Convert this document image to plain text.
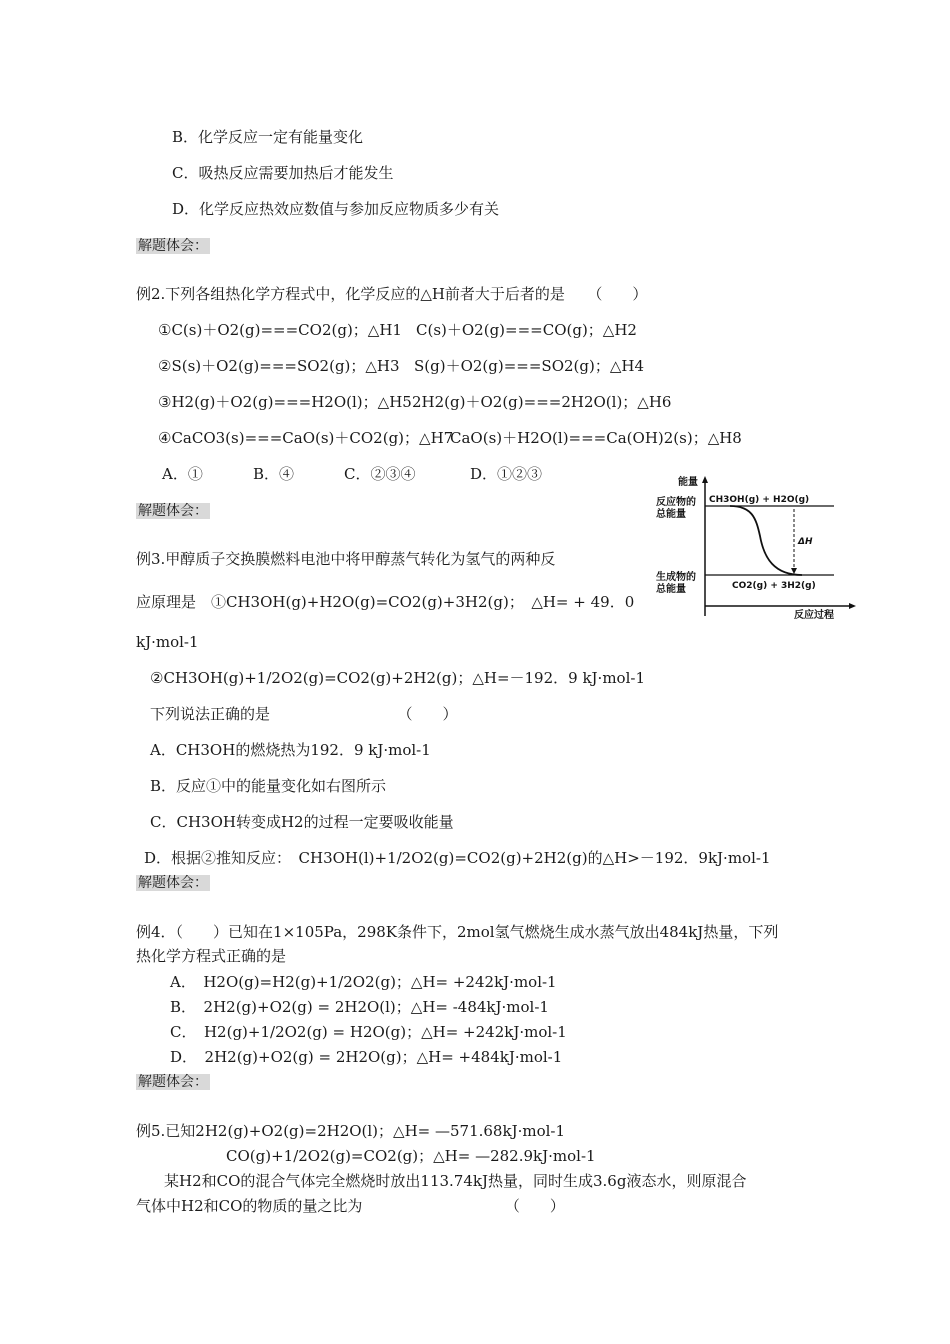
B．化学反应一定有能量变化
C．吸热反应需要加热后才能发生
D．化学反应热效应数值与参加反应物质多少有关
解题体会：
例2.下列各组热化学方程式中，化学反应的△H前者大于后者的是　　（　　）
①C(s)＋O2(g)===CO2(g)；△H1 C(s)＋O2(g)===CO(g)；△H2
②S(s)＋O2(g)===SO2(g)；△H3 S(g)＋O2(g)===SO2(g)；△H4
③H2(g)＋O2(g)===H2O(l)；△H5 2H2(g)＋O2(g)===2H2O(l)；△H6
④CaCO3(s)===CaO(s)＋CO2(g)；△H7
CaO(s)＋H2O(l)===Ca(OH)2(s)；△H8
A．①	B．④	C．②③④	D．①②③
解题体会：
能量
反应过程
反应物的
总能量
生成物的
总能量
CH3OH(g) + H2O(g)
CO2(g) + 3H2(g)
ΔH
例3.甲醇质子交换膜燃料电池中将甲醇蒸气转化为氢气的两种反
应原理是　①CH3OH(g)+H2O(g)=CO2(g)+3H2(g)；　△H= + 49．0
kJ·mol-1
②CH3OH(g)+1/2O2(g)=CO2(g)+2H2(g)；△H=－192．9 kJ·mol-1
下列说法正确的是　　　　　　　　　（　　）
A．CH3OH的燃烧热为192．9 kJ·mol-1
B．反应①中的能量变化如右图所示
C．CH3OH转变成H2的过程一定要吸收能量
D．根据②推知反应：　CH3OH(l)+1/2O2(g)=CO2(g)+2H2(g)的△H>－192．9kJ·mol-1
解题体会：
例4．（　　）已知在1×105Pa，298K条件下，2mol氢气燃烧生成水蒸气放出484kJ热量，下列
热化学方程式正确的是
A．　H2O(g)=H2(g)+1/2O2(g)；△H= +242kJ·mol-1
B．　2H2(g)+O2(g) = 2H2O(l)；△H= -484kJ·mol-1
C．　H2(g)+1/2O2(g) = H2O(g)；△H= +242kJ·mol-1
D．　2H2(g)+O2(g) = 2H2O(g)；△H= +484kJ·mol-1
解题体会：
例5.已知2H2(g)+O2(g)=2H2O(l)；△H= —571.68kJ·mol-1
CO(g)+1/2O2(g)=CO2(g)；△H= —282.9kJ·mol-1
某H2和CO的混合气体完全燃烧时放出113.74kJ热量，同时生成3.6g液态水，则原混合
气体中H2和CO的物质的量之比为　　　　　　　　　　（　　）
